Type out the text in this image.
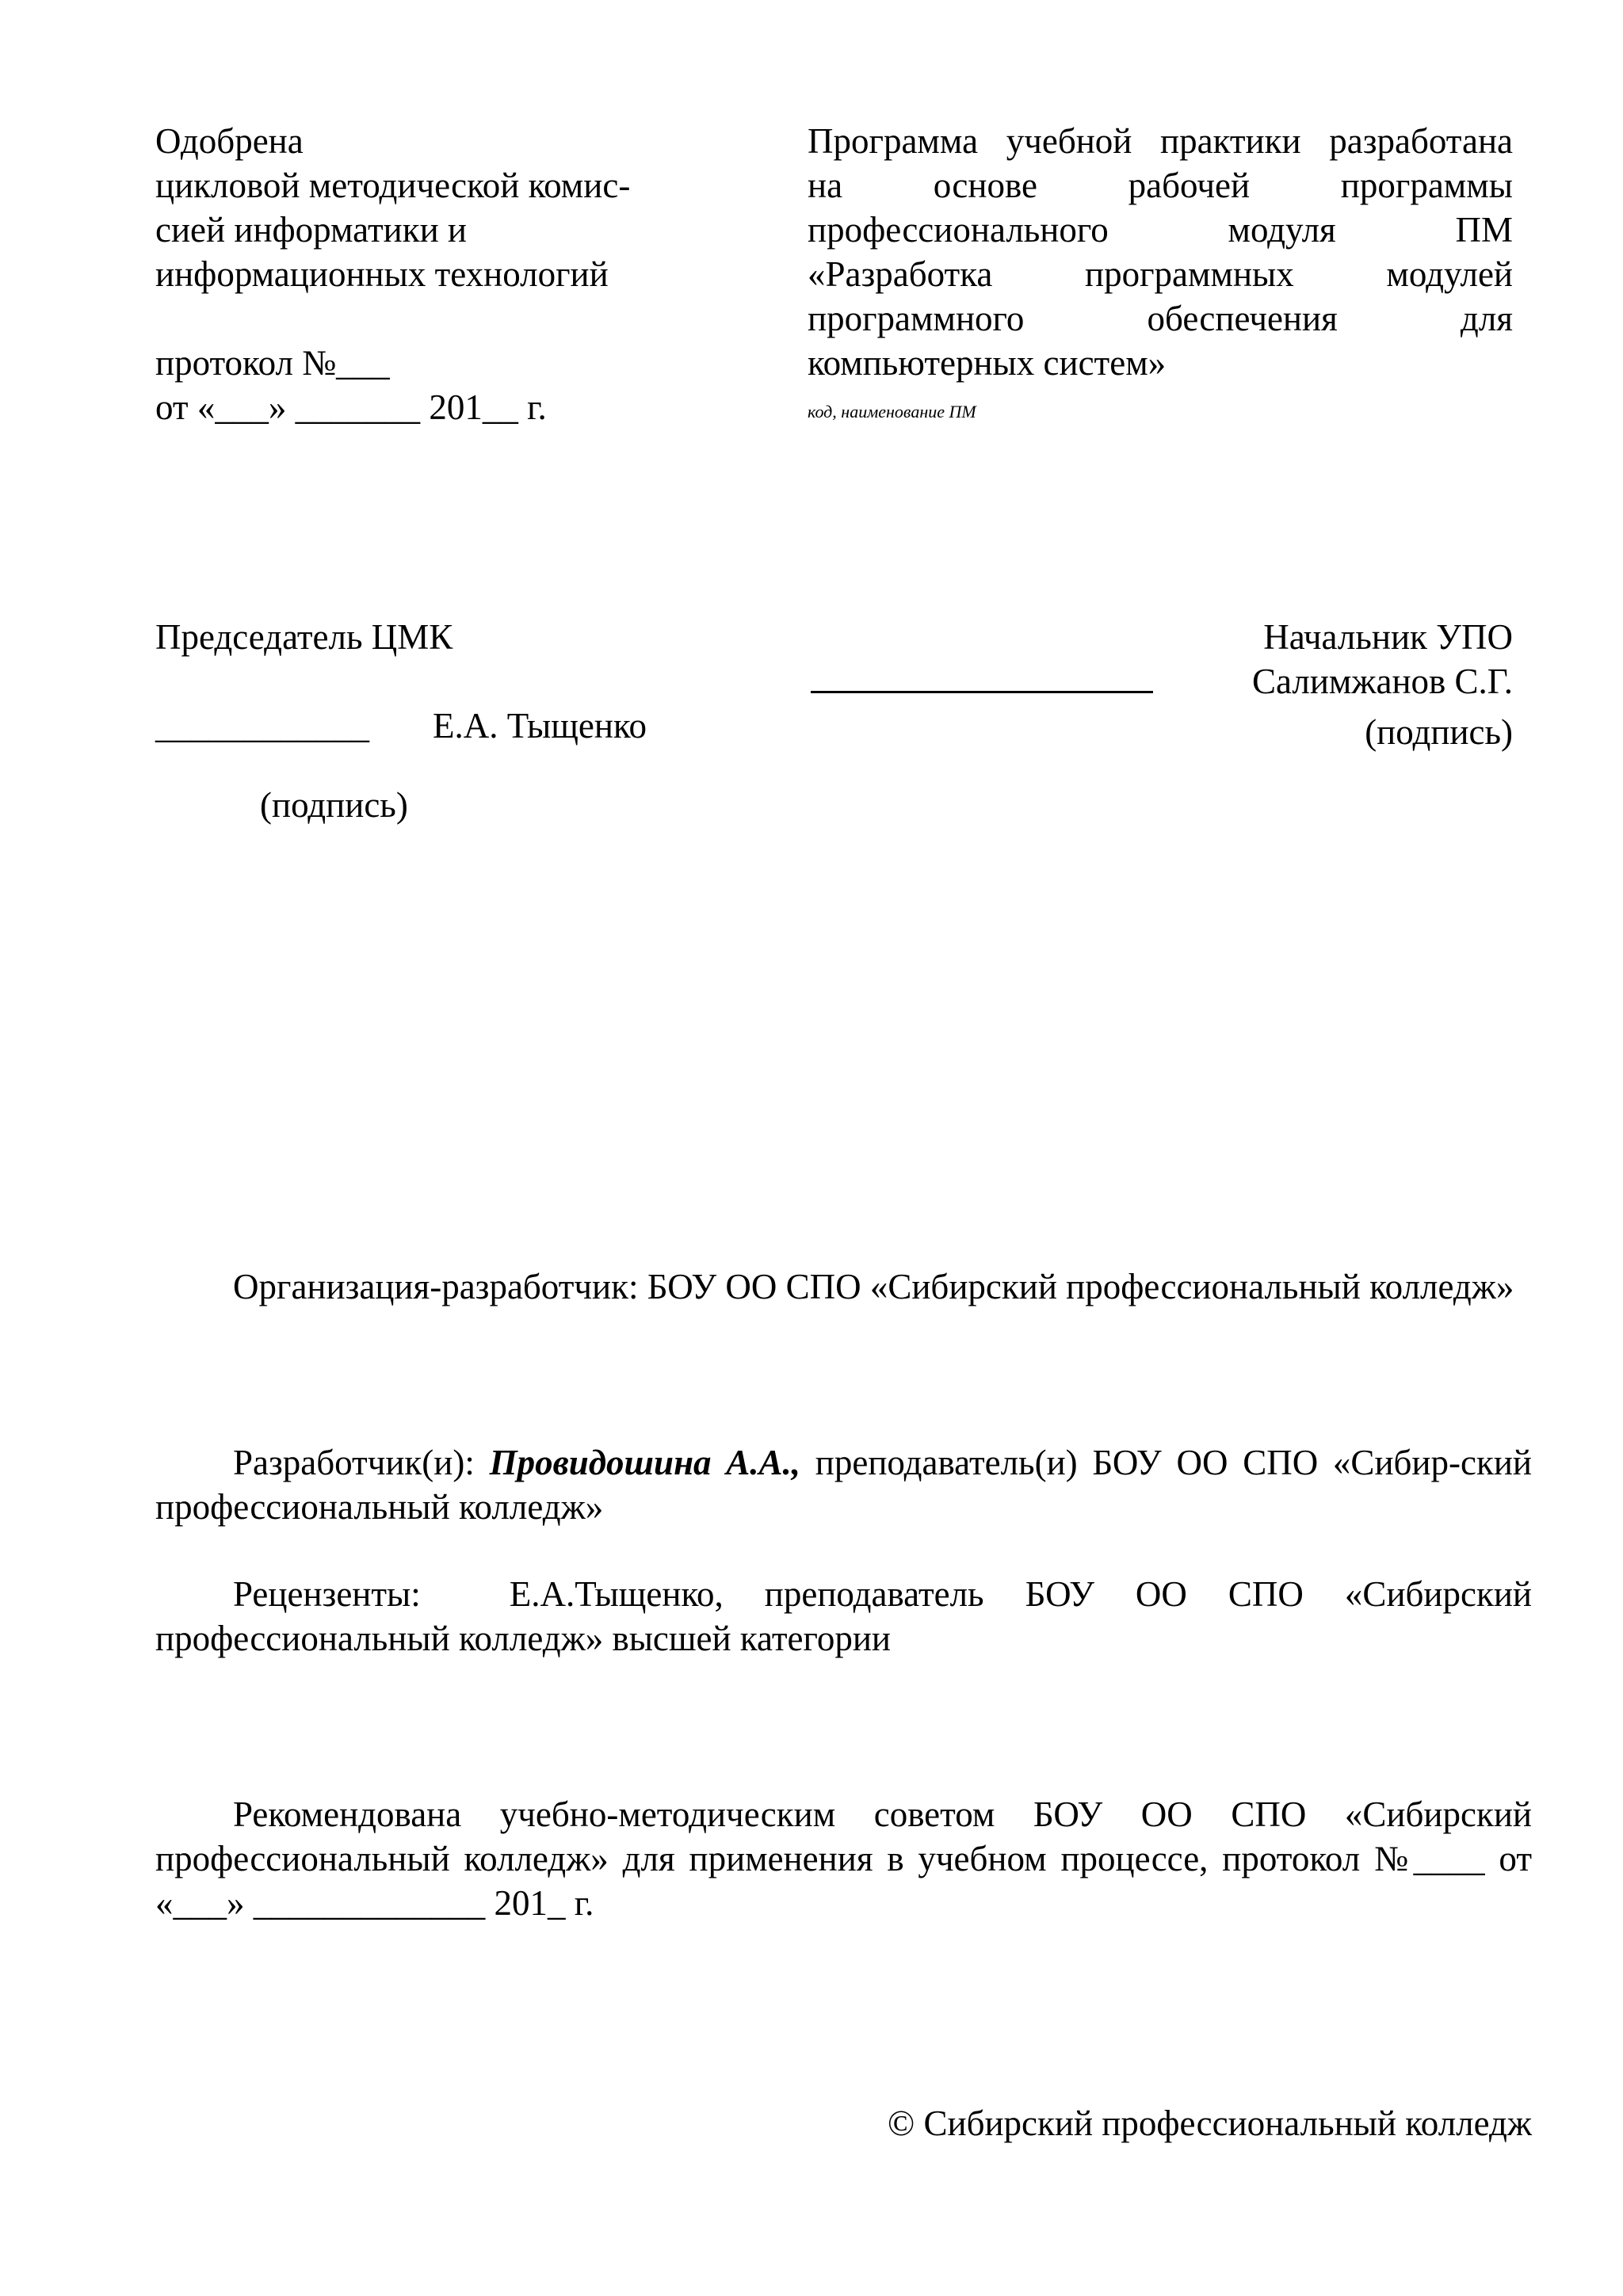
Одобрена

цикловой методической комис-

сией информатики и

информационных технологий

протокол №___

от «___» _______ 201__ г.

Программа учебной практики разработана

на основе рабочей программы

профессионального модуля ПМ

«Разработка программных модулей

программного обеспечения для

компьютерных систем»

код, наименование ПМ

Председатель ЦМК

____________ Е.А. Тыщенко
(подпись)

Начальник УПО

Салимжанов С.Г.

(подпись)

Организация-разработчик: БОУ ОО СПО «Сибирский профессиональный колледж»

Разработчик(и): Провидошина А.А., преподаватель(и) БОУ ОО СПО «Сибир-ский профессиональный колледж»

Рецензенты: Е.А.Тыщенко, преподаватель БОУ ОО СПО «Сибирский профессиональный колледж» высшей категории

Рекомендована учебно-методическим советом БОУ ОО СПО «Сибирский профессиональный колледж» для применения в учебном процессе, протокол №____ от «___» _____________ 201_ г.

© Сибирский профессиональный колледж
